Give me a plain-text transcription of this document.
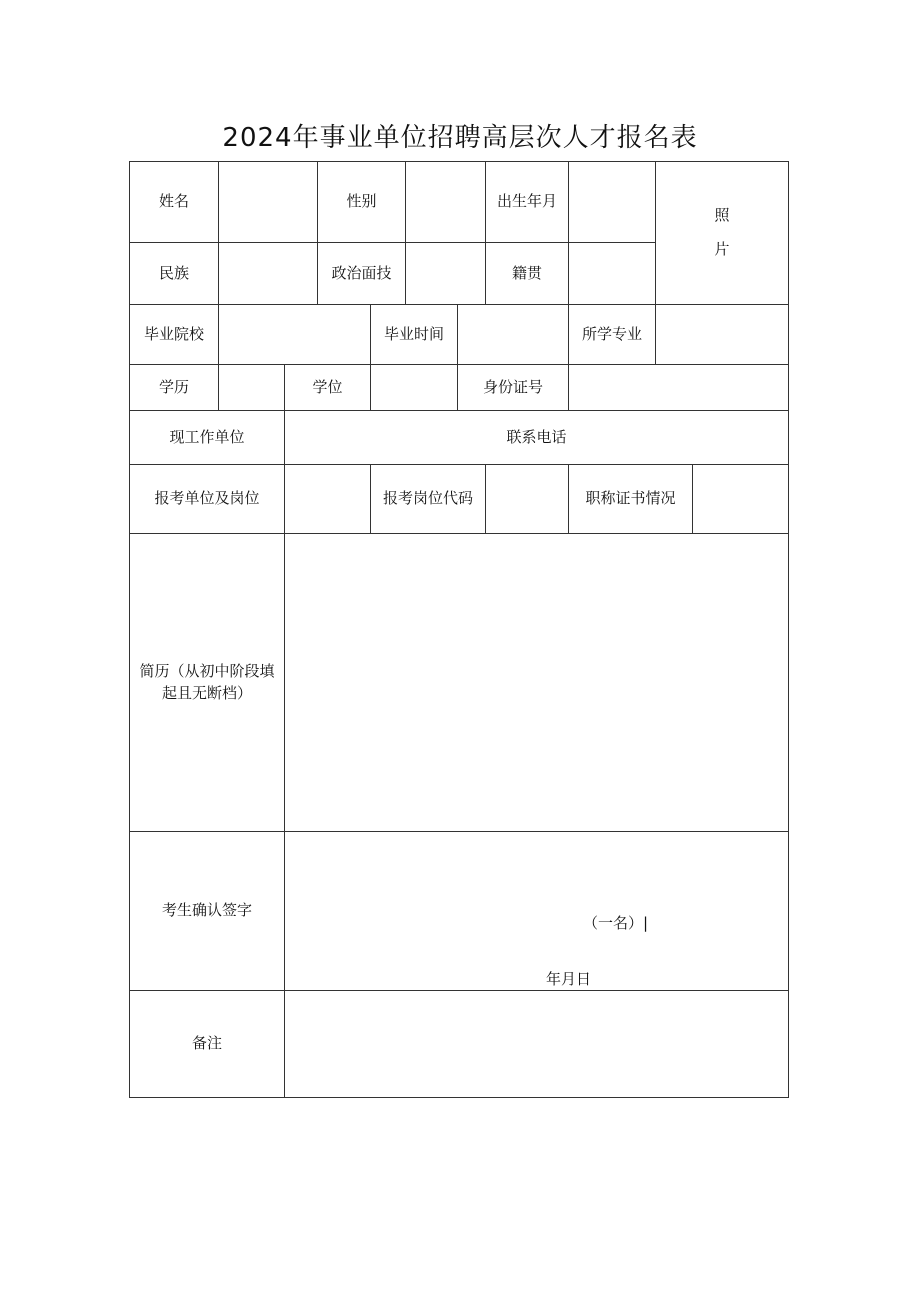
2024年事业单位招聘高层次人才报名表
姓名	性别	出生年月
照
片
民族	政治面技	籍贯
毕业院校	毕业时间	所学专业
学历	学位	身份证号
现工作单位	联系电话
报考单位及岗位	报考岗位代码	职称证书情况
简历（从初中阶段填起且无断档）
考生确认签字
（一名）|
年月日
备注
